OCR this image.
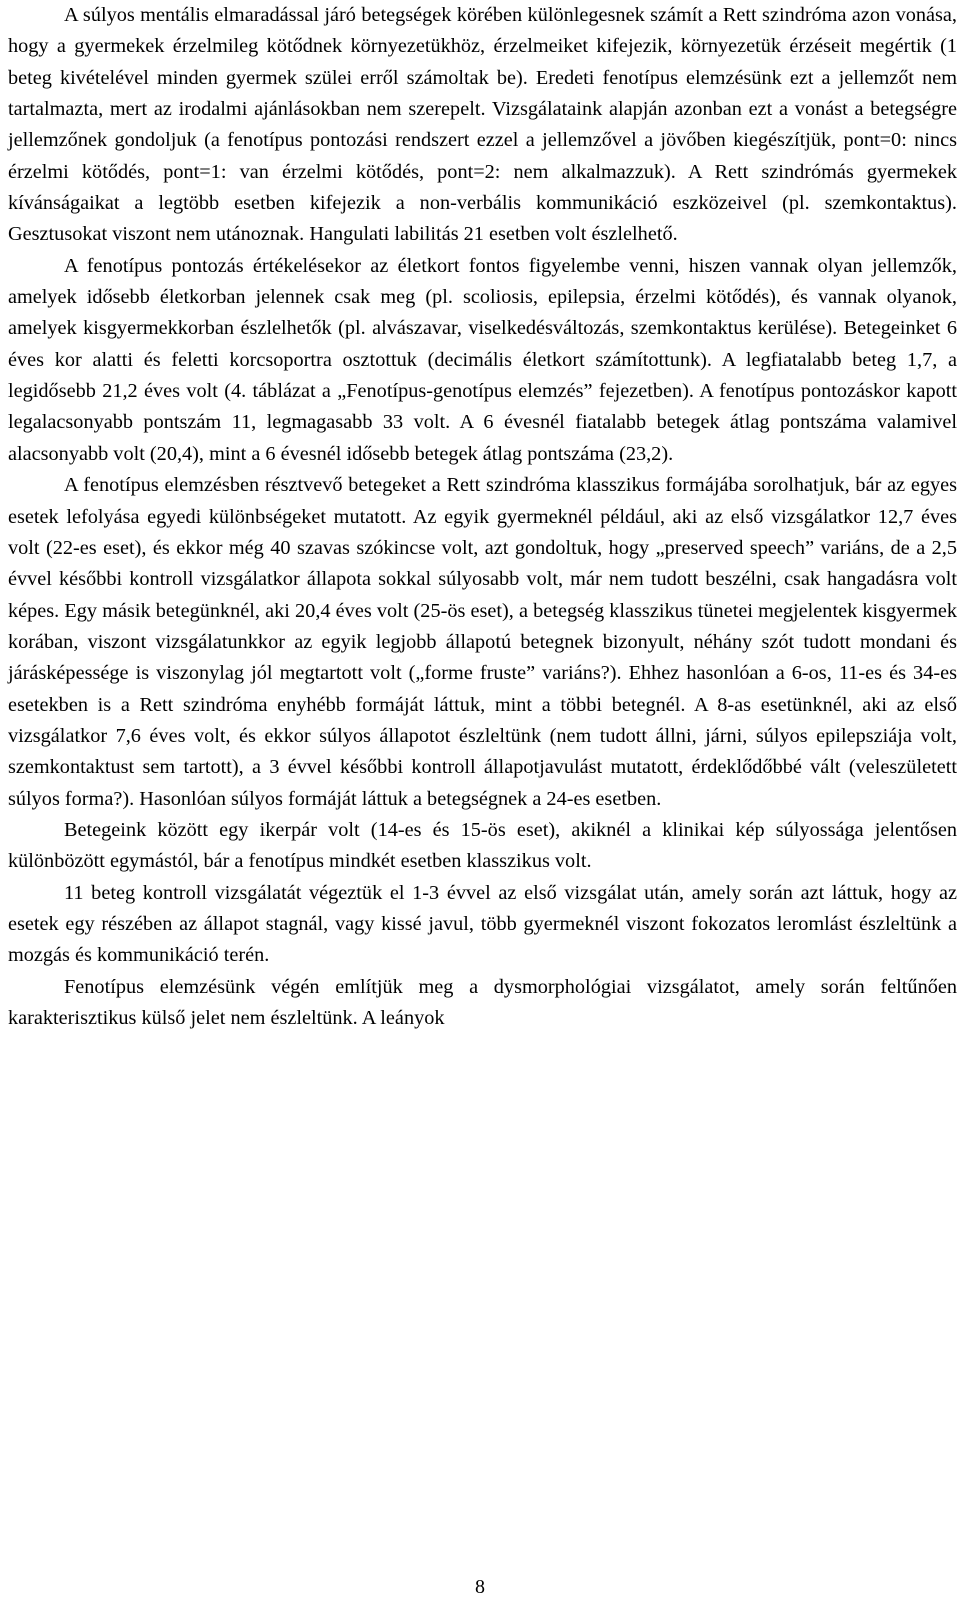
A súlyos mentális elmaradással járó betegségek körében különlegesnek számít a Rett szindróma azon vonása, hogy a gyermekek érzelmileg kötődnek környezetükhöz, érzelmeiket kifejezik, környezetük érzéseit megértik (1 beteg kivételével minden gyermek szülei erről számoltak be). Eredeti fenotípus elemzésünk ezt a jellemzőt nem tartalmazta, mert az irodalmi ajánlásokban nem szerepelt. Vizsgálataink alapján azonban ezt a vonást a betegségre jellemzőnek gondoljuk (a fenotípus pontozási rendszert ezzel a jellemzővel a jövőben kiegészítjük, pont=0: nincs érzelmi kötődés, pont=1: van érzelmi kötődés, pont=2: nem alkalmazzuk). A Rett szindrómás gyermekek kívánságaikat a legtöbb esetben kifejezik a non-verbális kommunikáció eszközeivel (pl. szemkontaktus). Gesztusokat viszont nem utánoznak. Hangulati labilitás 21 esetben volt észlelhető.

A fenotípus pontozás értékelésekor az életkort fontos figyelembe venni, hiszen vannak olyan jellemzők, amelyek idősebb életkorban jelennek csak meg (pl. scoliosis, epilepsia, érzelmi kötődés), és vannak olyanok, amelyek kisgyermekkorban észlelhetők (pl. alvászavar, viselkedésváltozás, szemkontaktus kerülése). Betegeinket 6 éves kor alatti és feletti korcsoportra osztottuk (decimális életkort számítottunk). A legfiatalabb beteg 1,7, a legidősebb 21,2 éves volt (4. táblázat a „Fenotípus-genotípus elemzés” fejezetben). A fenotípus pontozáskor kapott legalacsonyabb pontszám 11, legmagasabb 33 volt. A 6 évesnél fiatalabb betegek átlag pontszáma valamivel alacsonyabb volt (20,4), mint a 6 évesnél idősebb betegek átlag pontszáma (23,2).

A fenotípus elemzésben résztvevő betegeket a Rett szindróma klasszikus formájába sorolhatjuk, bár az egyes esetek lefolyása egyedi különbségeket mutatott. Az egyik gyermeknél például, aki az első vizsgálatkor 12,7 éves volt (22-es eset), és ekkor még 40 szavas szókincse volt, azt gondoltuk, hogy „preserved speech” variáns, de a 2,5 évvel későbbi kontroll vizsgálatkor állapota sokkal súlyosabb volt, már nem tudott beszélni, csak hangadásra volt képes. Egy másik betegünknél, aki 20,4 éves volt (25-ös eset), a betegség klasszikus tünetei megjelentek kisgyermek korában, viszont vizsgálatunkkor az egyik legjobb állapotú betegnek bizonyult, néhány szót tudott mondani és járásképessége is viszonylag jól megtartott volt („forme fruste” variáns?). Ehhez hasonlóan a 6-os, 11-es és 34-es esetekben is a Rett szindróma enyhébb formáját láttuk, mint a többi betegnél. A 8-as esetünknél, aki az első vizsgálatkor 7,6 éves volt, és ekkor súlyos állapotot észleltünk (nem tudott állni, járni, súlyos epilepsziája volt, szemkontaktust sem tartott), a 3 évvel későbbi kontroll állapotjavulást mutatott, érdeklődőbbé vált (veleszületett súlyos forma?). Hasonlóan súlyos formáját láttuk a betegségnek a 24-es esetben.

Betegeink között egy ikerpár volt (14-es és 15-ös eset), akiknél a klinikai kép súlyossága jelentősen különbözött egymástól, bár a fenotípus mindkét esetben klasszikus volt.

11 beteg kontroll vizsgálatát végeztük el 1-3 évvel az első vizsgálat után, amely során azt láttuk, hogy az esetek egy részében az állapot stagnál, vagy kissé javul, több gyermeknél viszont fokozatos leromlást észleltünk a mozgás és kommunikáció terén.

Fenotípus elemzésünk végén említjük meg a dysmorphológiai vizsgálatot, amely során feltűnően karakterisztikus külső jelet nem észleltünk. A leányok

8
